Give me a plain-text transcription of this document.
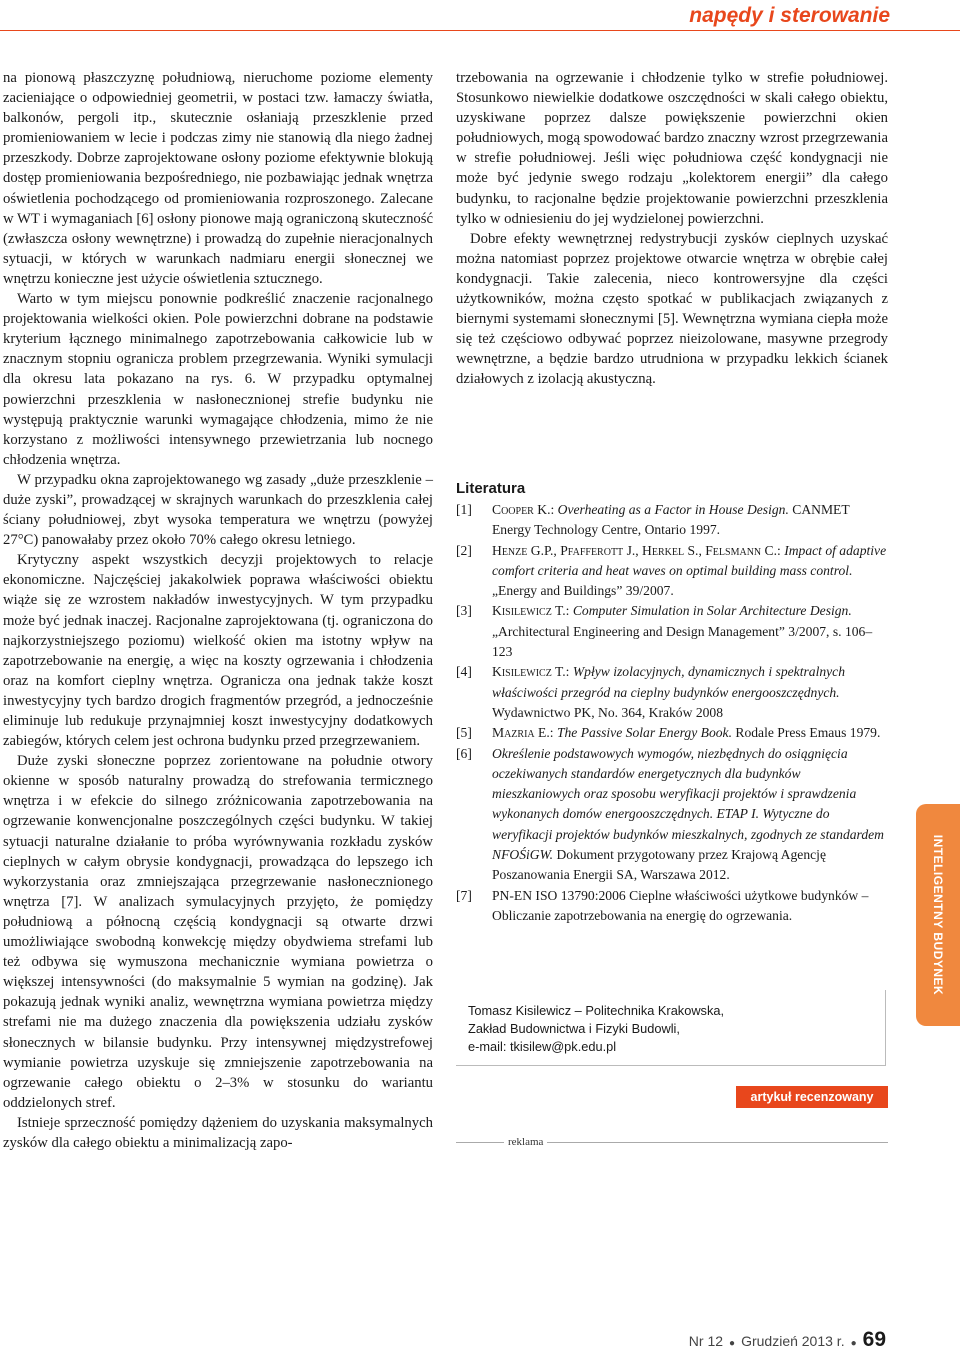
napędy i sterowanie

na pionową płaszczyznę południową, nieruchome poziome elementy zacieniające o odpowiedniej geometrii, w postaci tzw. łamaczy światła, balkonów, pergoli itp., skutecznie osłaniają przeszklenie przed promieniowaniem w lecie i podczas zimy nie stanowią dla niego żadnej przeszkody. Dobrze zaprojektowane osłony poziome efektywnie blokują dostęp promieniowania bezpośredniego, nie pozbawiając jednak wnętrza oświetlenia pochodzącego od promieniowania rozproszonego. Zalecane w WT i wymaganiach [6] osłony pionowe mają ograniczoną skuteczność (zwłaszcza osłony wewnętrzne) i prowadzą do zupełnie nieracjonalnych sytuacji, w których w warunkach nadmiaru energii słonecznej we wnętrzu konieczne jest użycie oświetlenia sztucznego.

Warto w tym miejscu ponownie podkreślić znaczenie racjonalnego projektowania wielkości okien. Pole powierzchni dobrane na podstawie kryterium łącznego minimalnego zapotrzebowania całkowicie lub w znacznym stopniu ogranicza problem przegrzewania. Wyniki symulacji dla okresu lata pokazano na rys. 6. W przypadku optymalnej powierzchni przeszklenia w nasłonecznionej strefie budynku nie występują praktycznie warunki wymagające chłodzenia, mimo że nie korzystano z możliwości intensywnego przewietrzania lub nocnego chłodzenia wnętrza.

W przypadku okna zaprojektowanego wg zasady „duże przeszklenie – duże zyski”, prowadzącej w skrajnych warunkach do przeszklenia całej ściany południowej, zbyt wysoka temperatura we wnętrzu (powyżej 27°C) panowałaby przez około 70% całego okresu letniego.

Krytyczny aspekt wszystkich decyzji projektowych to relacje ekonomiczne. Najczęściej jakakolwiek poprawa właściwości obiektu wiąże się ze wzrostem nakładów inwestycyjnych. W tym przypadku może być jednak inaczej. Racjonalne zaprojektowana (tj. ograniczona do najkorzystniejszego poziomu) wielkość okien ma istotny wpływ na zapotrzebowanie na energię, a więc na koszty ogrzewania i chłodzenia oraz na komfort cieplny wnętrza. Ogranicza ona jednak także koszt inwestycyjny tych bardzo drogich fragmentów przegród, a jednocześnie eliminuje lub redukuje przynajmniej koszt inwestycyjny dodatkowych zabiegów, których celem jest ochrona budynku przed przegrzewaniem.

Duże zyski słoneczne poprzez zorientowane na południe otwory okienne w sposób naturalny prowadzą do strefowania termicznego wnętrza i w efekcie do silnego zróżnicowania zapotrzebowania na ogrzewanie konwencjonalne poszczególnych części budynku. W takiej sytuacji naturalne działanie to próba wyrównywania rozkładu zysków cieplnych w całym obrysie kondygnacji, prowadząca do lepszego ich wykorzystania oraz zmniejszająca przegrzewanie nasłonecznionego wnętrza [7]. W analizach symulacyjnych przyjęto, że pomiędzy południową a północną częścią kondygnacji są otwarte drzwi umożliwiające swobodną konwekcję między obydwiema strefami lub też odbywa się wymuszona mechanicznie wymiana powietrza o większej intensywności (do maksymalnie 5 wymian na godzinę). Jak pokazują jednak wyniki analiz, wewnętrzna wymiana powietrza między strefami nie ma dużego znaczenia dla powiększenia udziału zysków słonecznych w bilansie budynku. Przy intensywnej międzystrefowej wymianie powietrza uzyskuje się zmniejszenie zapotrzebowania na ogrzewanie całego obiektu o 2–3% w stosunku do wariantu oddzielonych stref.

Istnieje sprzeczność pomiędzy dążeniem do uzyskania maksymalnych zysków dla całego obiektu a minimalizacją zapo-

trzebowania na ogrzewanie i chłodzenie tylko w strefie południowej. Stosunkowo niewielkie dodatkowe oszczędności w skali całego obiektu, uzyskiwane poprzez dalsze powiększenie powierzchni okien południowych, mogą spowodować bardzo znaczny wzrost przegrzewania w strefie południowej. Jeśli więc południowa część kondygnacji nie może być jedynie swego rodzaju „kolektorem energii” dla całego budynku, to racjonalne będzie projektowanie powierzchni przeszklenia tylko w odniesieniu do jej wydzielonej powierzchni.

Dobre efekty wewnętrznej redystrybucji zysków cieplnych uzyskać można natomiast poprzez projektowe otwarcie wnętrza w obrębie całej kondygnacji. Takie zalecenia, nieco kontrowersyjne dla części użytkowników, można często spotkać w publikacjach związanych z biernymi systemami słonecznymi [5]. Wewnętrzna wymiana ciepła może się też częściowo odbywać poprzez nieizolowane, masywne przegrody wewnętrzne, a będzie bardzo utrudniona w przypadku lekkich ścianek działowych z izolacją akustyczną.

Literatura
[1]	Cooper K.: Overheating as a Factor in House Design. CANMET Energy Technology Centre, Ontario 1997.
[2]	Henze G.P., Pfafferott J., Herkel S., Felsmann C.: Impact of adaptive comfort criteria and heat waves on optimal building mass control. „Energy and Buildings” 39/2007.
[3]	Kisilewicz T.: Computer Simulation in Solar Architecture Design. „Architectural Engineering and Design Management” 3/2007, s. 106–123
[4]	Kisilewicz T.: Wpływ izolacyjnych, dynamicznych i spektralnych właściwości przegród na cieplny budynków energooszczędnych. Wydawnictwo PK, No. 364, Kraków 2008
[5]	Mazria E.: The Passive Solar Energy Book. Rodale Press Emaus 1979.
[6]	Określenie podstawowych wymogów, niezbędnych do osiągnięcia oczekiwanych standardów energetycznych dla budynków mieszkaniowych oraz sposobu weryfikacji projektów i sprawdzenia wykonanych domów energooszczędnych. ETAP I. Wytyczne do weryfikacji projektów budynków mieszkalnych, zgodnych ze standardem NFOŚiGW. Dokument przygotowany przez Krajową Agencję Poszanowania Energii SA, Warszawa 2012.
[7]	PN-EN ISO 13790:2006 Cieplne właściwości użytkowe budynków – Obliczanie zapotrzebowania na energię do ogrzewania.
Tomasz Kisilewicz – Politechnika Krakowska,
Zakład Budownictwa i Fizyki Budowli,
e-mail: tkisilew@pk.edu.pl
artykuł recenzowany
reklama
INTELIGENTNY BUDYNEK
Nr 12 ● Grudzień 2013 r. ● 69
